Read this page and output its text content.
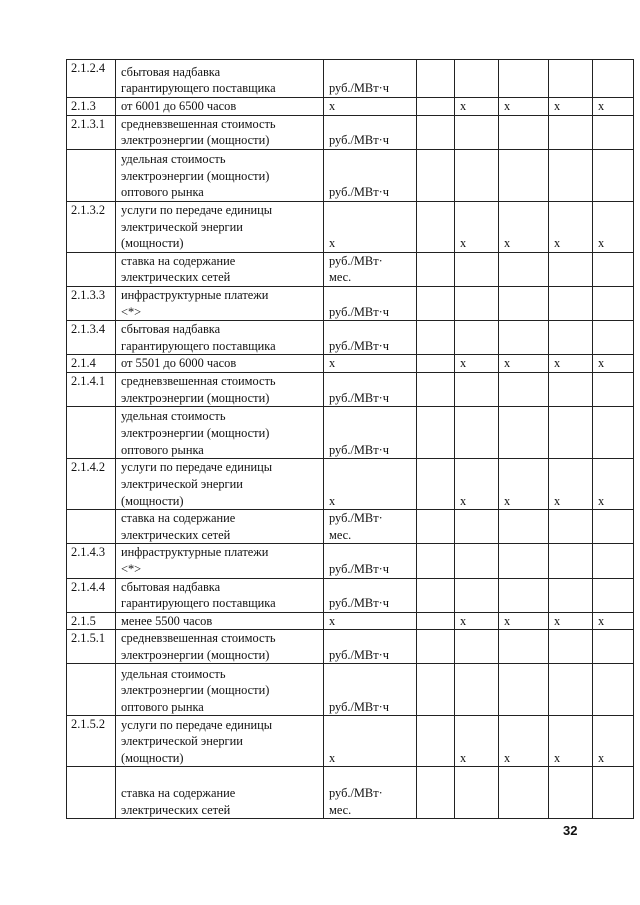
2.1.2.4	сбытовая надбавка
гарантирующего поставщика	руб./МВт·ч					
2.1.3	от 6001 до 6500 часов	х		х	х	х	х
2.1.3.1	средневзвешенная стоимость
электроэнергии (мощности)	руб./МВт·ч					
	удельная стоимость
электроэнергии (мощности)
оптового рынка	руб./МВт·ч					
2.1.3.2	услуги по передаче единицы
электрической энергии
(мощности)	х		х	х	х	х
	ставка на содержание
электрических сетей	руб./МВт·
мес.					
2.1.3.3	инфраструктурные платежи
<*>	руб./МВт·ч					
2.1.3.4	сбытовая надбавка
гарантирующего поставщика	руб./МВт·ч					
2.1.4	от 5501 до 6000 часов	х		х	х	х	х
2.1.4.1	средневзвешенная стоимость
электроэнергии (мощности)	руб./МВт·ч					
	удельная стоимость
электроэнергии (мощности)
оптового рынка	руб./МВт·ч					
2.1.4.2	услуги по передаче единицы
электрической энергии
(мощности)	х		х	х	х	х
	ставка на содержание
электрических сетей	руб./МВт·
мес.					
2.1.4.3	инфраструктурные платежи
<*>	руб./МВт·ч					
2.1.4.4	сбытовая надбавка
гарантирующего поставщика	руб./МВт·ч					
2.1.5	менее 5500 часов	х		х	х	х	х
2.1.5.1	средневзвешенная стоимость
электроэнергии (мощности)	руб./МВт·ч					
	удельная стоимость
электроэнергии (мощности)
оптового рынка	руб./МВт·ч					
2.1.5.2	услуги по передаче единицы
электрической энергии
(мощности)	х		х	х	х	х
	ставка на содержание
электрических сетей	руб./МВт·
мес.					
32
